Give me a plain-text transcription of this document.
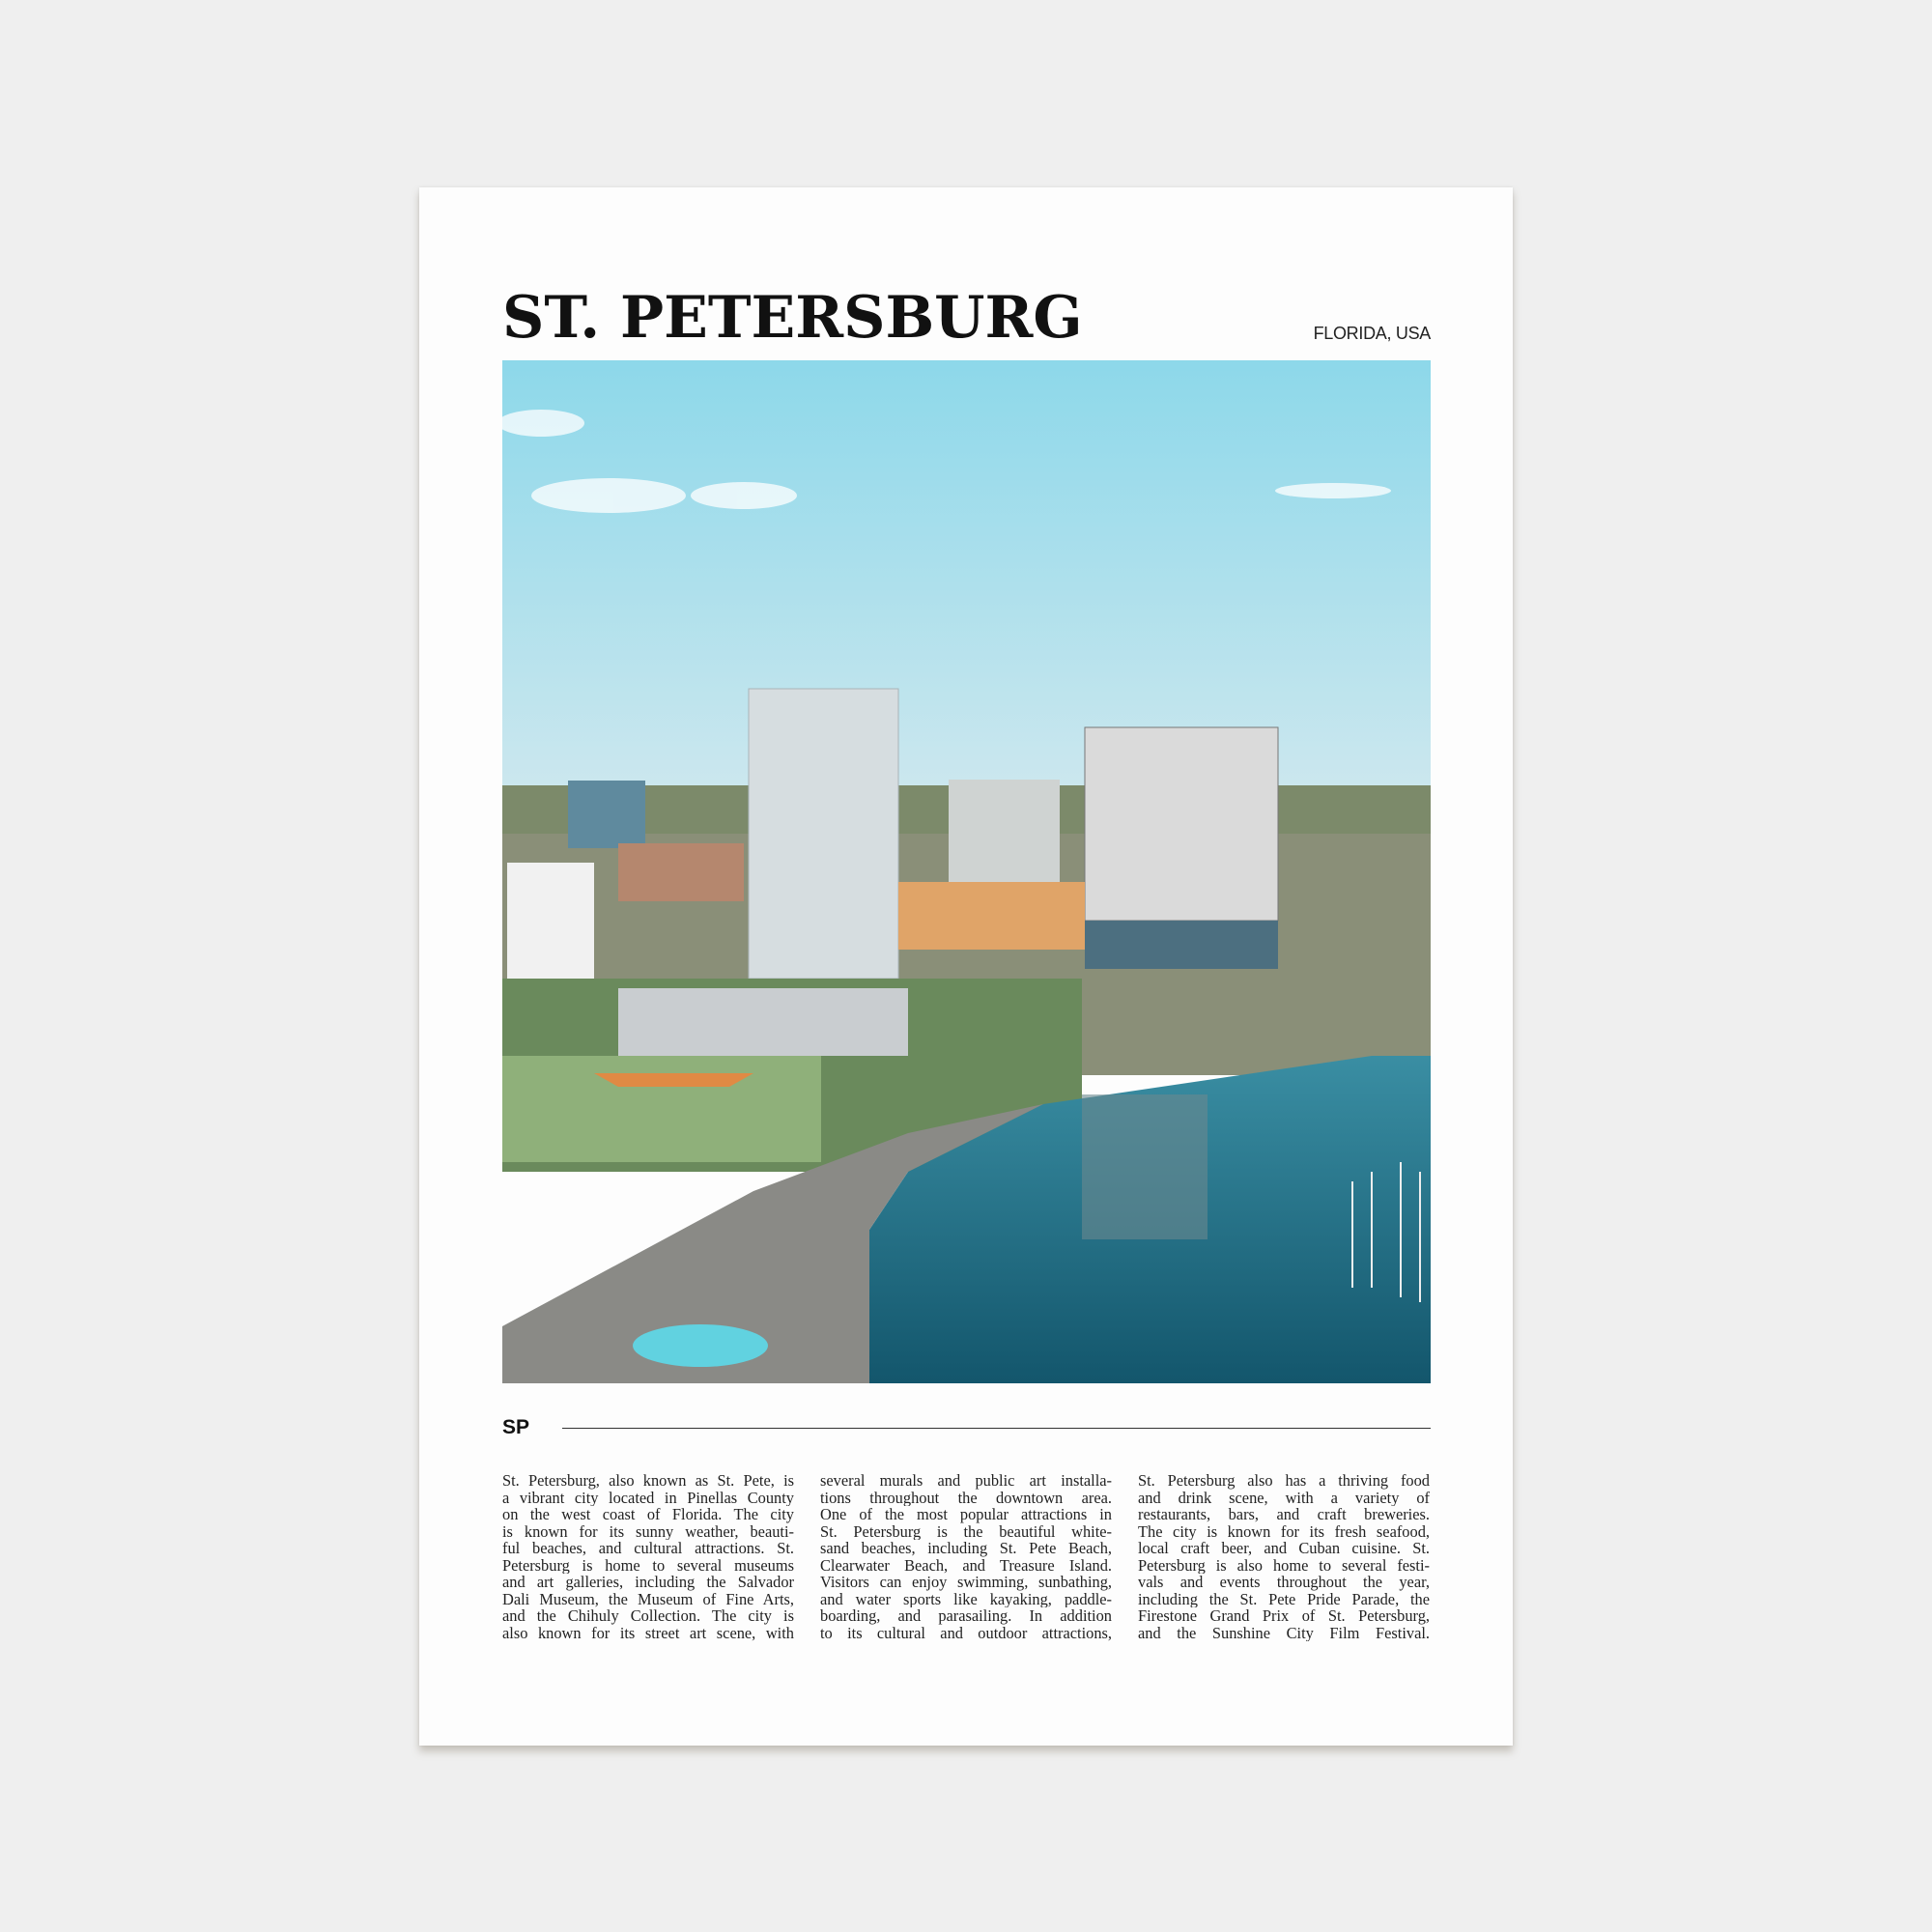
ST. PETERSBURG	FLORIDA, USA
SP
St. Petersburg, also known as St. Pete, is
a vibrant city located in Pinellas County
on the west coast of Florida. The city
is known for its sunny weather, beauti-
ful beaches, and cultural attractions. St.
Petersburg is home to several museums
and art galleries, including the Salvador
Dali Museum, the Museum of Fine Arts,
and the Chihuly Collection. The city is
also known for its street art scene, with
several murals and public art installa-
tions throughout the downtown area.
One of the most popular attractions in
St. Petersburg is the beautiful white-
sand beaches, including St. Pete Beach,
Clearwater Beach, and Treasure Island.
Visitors can enjoy swimming, sunbathing,
and water sports like kayaking, paddle-
boarding, and parasailing. In addition
to its cultural and outdoor attractions,
St. Petersburg also has a thriving food
and drink scene, with a variety of
restaurants, bars, and craft breweries.
The city is known for its fresh seafood,
local craft beer, and Cuban cuisine. St.
Petersburg is also home to several festi-
vals and events throughout the year,
including the St. Pete Pride Parade, the
Firestone Grand Prix of St. Petersburg,
and the Sunshine City Film Festival.
